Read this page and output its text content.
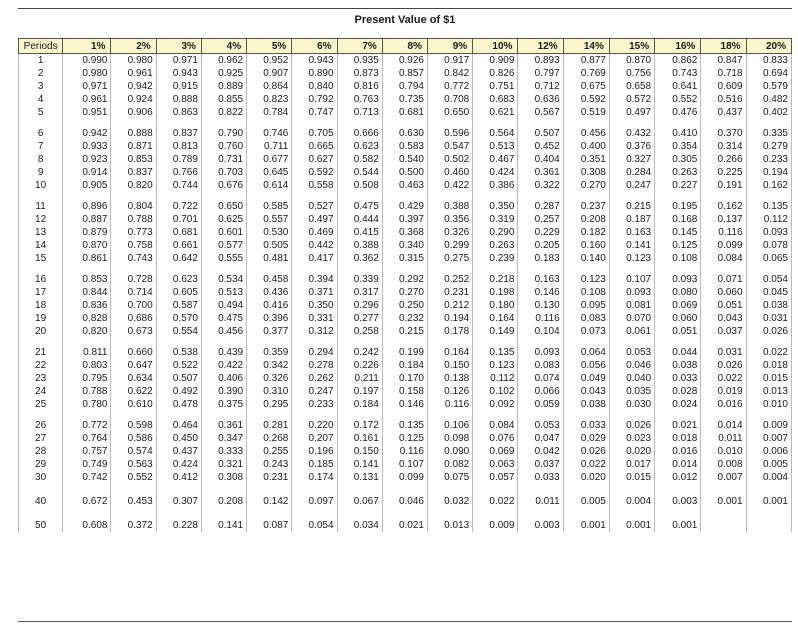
Present Value of $1
Periods	1%	2%	3%	4%	5%	6%	7%	8%	9%	10%	12%	14%	15%	16%	18%	20%
1	0.990	0.980	0.971	0.962	0.952	0.943	0.935	0.926	0.917	0.909	0.893	0.877	0.870	0.862	0.847	0.833
2	0.980	0.961	0.943	0.925	0.907	0.890	0.873	0.857	0.842	0.826	0.797	0.769	0.756	0.743	0.718	0.694
3	0.971	0.942	0.915	0.889	0.864	0.840	0.816	0.794	0.772	0.751	0.712	0.675	0.658	0.641	0.609	0.579
4	0.961	0.924	0.888	0.855	0.823	0.792	0.763	0.735	0.708	0.683	0.636	0.592	0.572	0.552	0.516	0.482
5	0.951	0.906	0.863	0.822	0.784	0.747	0.713	0.681	0.650	0.621	0.567	0.519	0.497	0.476	0.437	0.402

6	0.942	0.888	0.837	0.790	0.746	0.705	0.666	0.630	0.596	0.564	0.507	0.456	0.432	0.410	0.370	0.335
7	0.933	0.871	0.813	0.760	0.711	0.665	0.623	0.583	0.547	0.513	0.452	0.400	0.376	0.354	0.314	0.279
8	0.923	0.853	0.789	0.731	0.677	0.627	0.582	0.540	0.502	0.467	0.404	0.351	0.327	0.305	0.266	0.233
9	0.914	0.837	0.766	0.703	0.645	0.592	0.544	0.500	0.460	0.424	0.361	0.308	0.284	0.263	0.225	0.194
10	0.905	0.820	0.744	0.676	0.614	0.558	0.508	0.463	0.422	0.386	0.322	0.270	0.247	0.227	0.191	0.162

11	0.896	0.804	0.722	0.650	0.585	0.527	0.475	0.429	0.388	0.350	0.287	0.237	0.215	0.195	0.162	0.135
12	0.887	0.788	0.701	0.625	0.557	0.497	0.444	0.397	0.356	0.319	0.257	0.208	0.187	0.168	0.137	0.112
13	0.879	0.773	0.681	0.601	0.530	0.469	0.415	0.368	0.326	0.290	0.229	0.182	0.163	0.145	0.116	0.093
14	0.870	0.758	0.661	0.577	0.505	0.442	0.388	0.340	0.299	0.263	0.205	0.160	0.141	0.125	0.099	0.078
15	0.861	0.743	0.642	0.555	0.481	0.417	0.362	0.315	0.275	0.239	0.183	0.140	0.123	0.108	0.084	0.065

16	0.853	0.728	0.623	0.534	0.458	0.394	0.339	0.292	0.252	0.218	0.163	0.123	0.107	0.093	0.071	0.054
17	0.844	0.714	0.605	0.513	0.436	0.371	0.317	0.270	0.231	0.198	0.146	0.108	0.093	0.080	0.060	0.045
18	0.836	0.700	0.587	0.494	0.416	0.350	0.296	0.250	0.212	0.180	0.130	0.095	0.081	0.069	0.051	0.038
19	0.828	0.686	0.570	0.475	0.396	0.331	0.277	0.232	0.194	0.164	0.116	0.083	0.070	0.060	0.043	0.031
20	0.820	0.673	0.554	0.456	0.377	0.312	0.258	0.215	0.178	0.149	0.104	0.073	0.061	0.051	0.037	0.026

21	0.811	0.660	0.538	0.439	0.359	0.294	0.242	0.199	0.164	0.135	0.093	0.064	0.053	0.044	0.031	0.022
22	0.803	0.647	0.522	0.422	0.342	0.278	0.226	0.184	0.150	0.123	0.083	0.056	0.046	0.038	0.026	0.018
23	0.795	0.634	0.507	0.406	0.326	0.262	0.211	0.170	0.138	0.112	0.074	0.049	0.040	0.033	0.022	0.015
24	0.788	0.622	0.492	0.390	0.310	0.247	0.197	0.158	0.126	0.102	0.066	0.043	0.035	0.028	0.019	0.013
25	0.780	0.610	0.478	0.375	0.295	0.233	0.184	0.146	0.116	0.092	0.059	0.038	0.030	0.024	0.016	0.010

26	0.772	0.598	0.464	0.361	0.281	0.220	0.172	0.135	0.106	0.084	0.053	0.033	0.026	0.021	0.014	0.009
27	0.764	0.586	0.450	0.347	0.268	0.207	0.161	0.125	0.098	0.076	0.047	0.029	0.023	0.018	0.011	0.007
28	0.757	0.574	0.437	0.333	0.255	0.196	0.150	0.116	0.090	0.069	0.042	0.026	0.020	0.016	0.010	0.006
29	0.749	0.563	0.424	0.321	0.243	0.185	0.141	0.107	0.082	0.063	0.037	0.022	0.017	0.014	0.008	0.005
30	0.742	0.552	0.412	0.308	0.231	0.174	0.131	0.099	0.075	0.057	0.033	0.020	0.015	0.012	0.007	0.004

40	0.672	0.453	0.307	0.208	0.142	0.097	0.067	0.046	0.032	0.022	0.011	0.005	0.004	0.003	0.001	0.001

50	0.608	0.372	0.228	0.141	0.087	0.054	0.034	0.021	0.013	0.009	0.003	0.001	0.001	0.001		
